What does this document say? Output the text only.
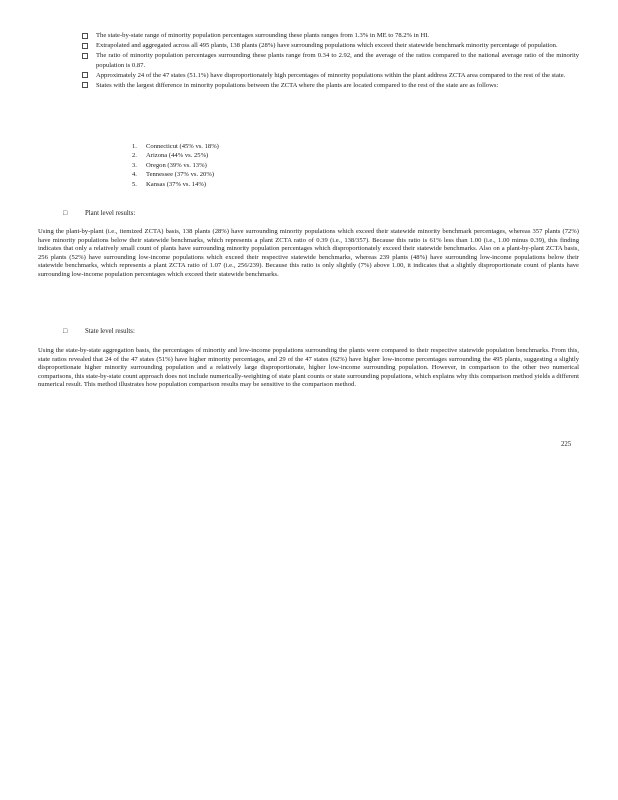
The state-by-state range of minority population percentages surrounding these plants ranges from 1.3% in ME to 78.2% in HI.
Extrapolated and aggregated across all 495 plants, 138 plants (28%) have surrounding populations which exceed their statewide benchmark minority percentage of population.
The ratio of minority population percentages surrounding these plants range from 0.34 to 2.92, and the average of the ratios compared to the national average ratio of the minority population is 0.87.
Approximately 24 of the 47 states (51.1%) have disproportionately high percentages of minority populations within the plant address ZCTA area compared to the rest of the state.
States with the largest difference in minority populations between the ZCTA where the plants are located compared to the rest of the state are as follows:
1. Connecticut (45% vs. 18%)
2. Arizona (44% vs. 25%)
3. Oregon (39% vs. 13%)
4. Tennessee (37% vs. 20%)
5. Kansas (37% vs. 14%)
□	Plant level results:

Using the plant-by-plant (i.e., itemized ZCTA) basis, 138 plants (28%) have surrounding minority populations which exceed their statewide minority benchmark percentages, whereas 357 plants (72%) have minority populations below their statewide benchmarks, which represents a plant ZCTA ratio of 0.39 (i.e., 138/357). Because this ratio is 61% less than 1.00 (i.e., 1.00 minus 0.39), this finding indicates that only a relatively small count of plants have surrounding minority population percentages which disproportionately exceed their statewide benchmarks. Also on a plant-by-plant ZCTA basis, 256 plants (52%) have surrounding low-income populations which exceed their respective statewide benchmarks, whereas 239 plants (48%) have surrounding low-income populations below their statewide benchmarks, which represents a plant ZCTA ratio of 1.07 (i.e., 256/239). Because this ratio is only slightly (7%) above 1.00, it indicates that a slightly disproportionate count of plants have surrounding low-income population percentages which exceed their statewide benchmarks.

□	State level results:

Using the state-by-state aggregation basis, the percentages of minority and low-income populations surrounding the plants were compared to their respective statewide population benchmarks. From this, state ratios revealed that 24 of the 47 states (51%) have higher minority percentages, and 29 of the 47 states (62%) have higher low-income percentages surrounding the 495 plants, suggesting a slightly disproportionate higher minority surrounding population and a relatively large disproportionate, higher low-income surrounding population. However, in comparison to the other two numerical comparisons, this state-by-state count approach does not include numerically-weighting of state plant counts or state surrounding populations, which explains why this comparison method yields a different numerical result. This method illustrates how population comparison results may be sensitive to the comparison method.

225
